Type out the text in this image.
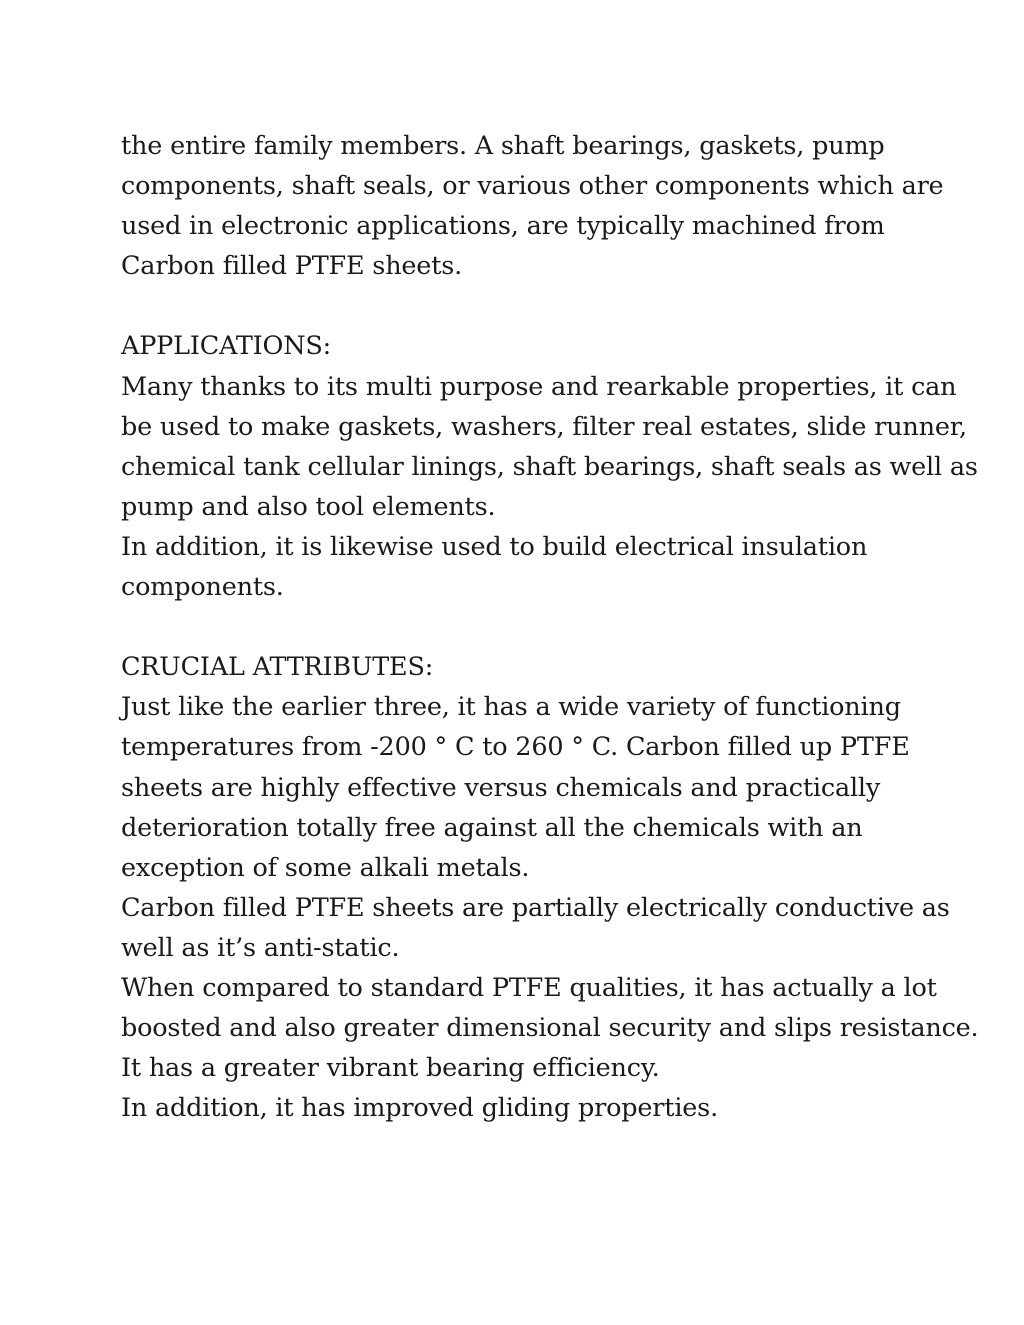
the entire family members. A shaft bearings, gaskets, pump
components, shaft seals, or various other components which are
used in electronic applications, are typically machined from
Carbon filled PTFE sheets.
APPLICATIONS:
Many thanks to its multi purpose and rearkable properties, it can
be used to make gaskets, washers, filter real estates, slide runner,
chemical tank cellular linings, shaft bearings, shaft seals as well as
pump and also tool elements.
In addition, it is likewise used to build electrical insulation
components.
CRUCIAL ATTRIBUTES:
Just like the earlier three, it has a wide variety of functioning
temperatures from -200 ° C to 260 ° C. Carbon filled up PTFE
sheets are highly effective versus chemicals and practically
deterioration totally free against all the chemicals with an
exception of some alkali metals.
Carbon filled PTFE sheets are partially electrically conductive as
well as it’s anti-static.
When compared to standard PTFE qualities, it has actually a lot
boosted and also greater dimensional security and slips resistance.
It has a greater vibrant bearing efficiency.
In addition, it has improved gliding properties.
